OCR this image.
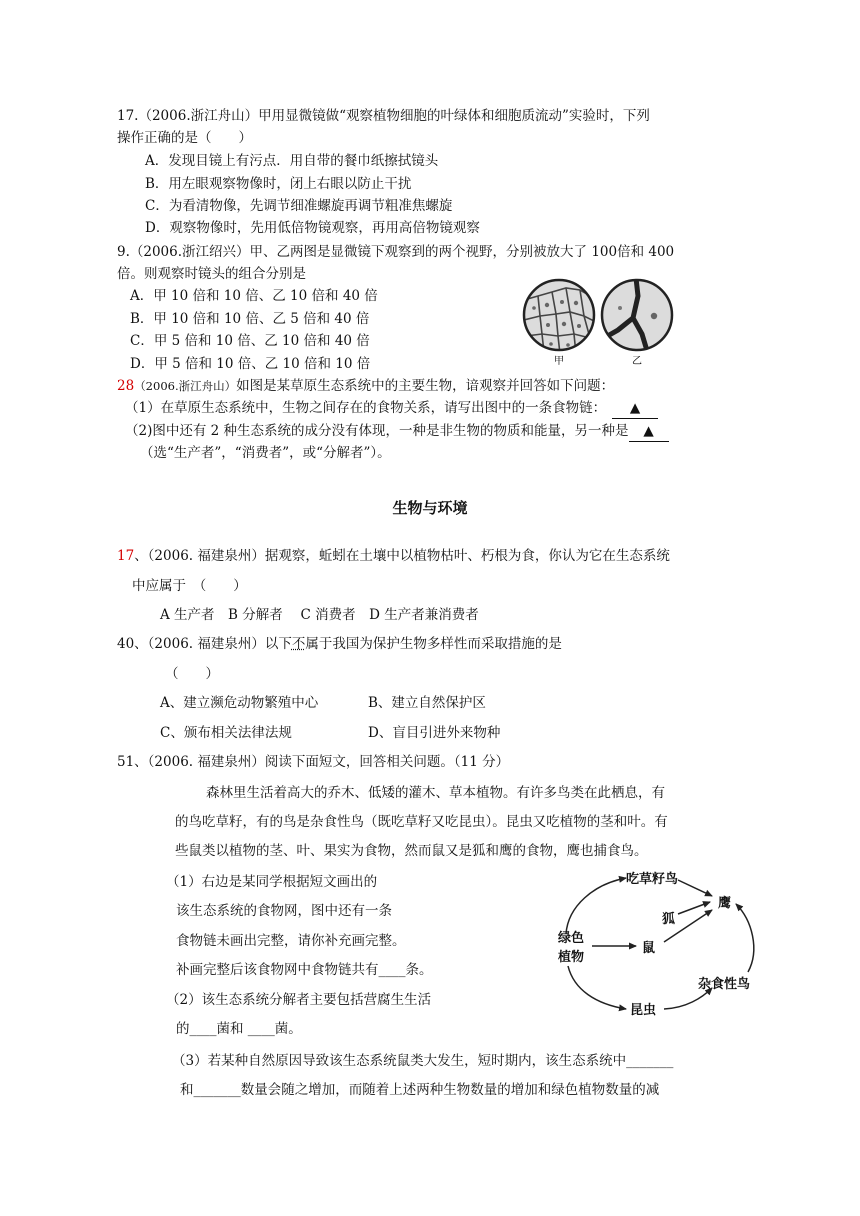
17.（2006.浙江舟山）甲用显微镜做“观察植物细胞的叶绿体和细胞质流动”实验时，下列
操作正确的是（　　）
A．发现目镜上有污点．用自带的餐巾纸擦拭镜头
B．用左眼观察物像时，闭上右眼以防止干扰
C．为看清物像，先调节细准螺旋再调节粗准焦螺旋
D．观察物像时，先用低倍物镜观察，再用高倍物镜观察
9.（2006.浙江绍兴）甲、乙两图是显微镜下观察到的两个视野，分别被放大了 100倍和 400
倍。则观察时镜头的组合分别是
A．甲 10 倍和 10 倍、乙 10 倍和 40 倍
B．甲 10 倍和 10 倍、乙 5 倍和 40 倍
C．甲 5 倍和 10 倍、乙 10 倍和 40 倍
D．甲 5 倍和 10 倍、乙 10 倍和 10 倍	甲	乙
28（2006.浙江舟山）如图是某草原生态系统中的主要生物，谙观察并回答如下问题：
（1）在草原生态系统中，生物之间存在的食物关系，请写出图中的一条食物链： ▲
（2)图中还有 2 种生态系统的成分没有体现，一种是非生物的物质和能量，另一种是 ▲
（选“生产者”，“消费者”，或“分解者”）。
生物与环境
17、（2006. 福建泉州）据观察，蚯蚓在土壤中以植物枯叶、朽根为食，你认为它在生态系统
中应属于　（　　）
A 生产者　B 分解者　 C 消费者　D 生产者兼消费者
40、（2006. 福建泉州）以下不属于我国为保护生物多样性而采取措施的是
（　　）
A、建立濒危动物繁殖中心	B、建立自然保护区
C、颁布相关法律法规	D、盲目引进外来物种
51、（2006. 福建泉州）阅读下面短文，回答相关问题。（11 分）
森林里生活着高大的乔木、低矮的灌木、草本植物。有许多鸟类在此栖息，有
的鸟吃草籽，有的鸟是杂食性鸟（既吃草籽又吃昆虫）。昆虫又吃植物的茎和叶。有
些鼠类以植物的茎、叶、果实为食物，然而鼠又是狐和鹰的食物，鹰也捕食鸟。
（1）右边是某同学根据短文画出的
该生态系统的食物网，图中还有一条
食物链未画出完整，请你补充画完整。
补画完整后该食物网中食物链共有____条。
（2）该生态系统分解者主要包括营腐生生活
的____菌和 ____菌。
（3）若某种自然原因导致该生态系统鼠类大发生，短时期内，该生态系统中_______
和_______数量会随之增加，而随着上述两种生物数量的增加和绿色植物数量的减
绿色
植物
吃草籽鸟
鹰
狐
鼠
杂食性鸟
昆虫
